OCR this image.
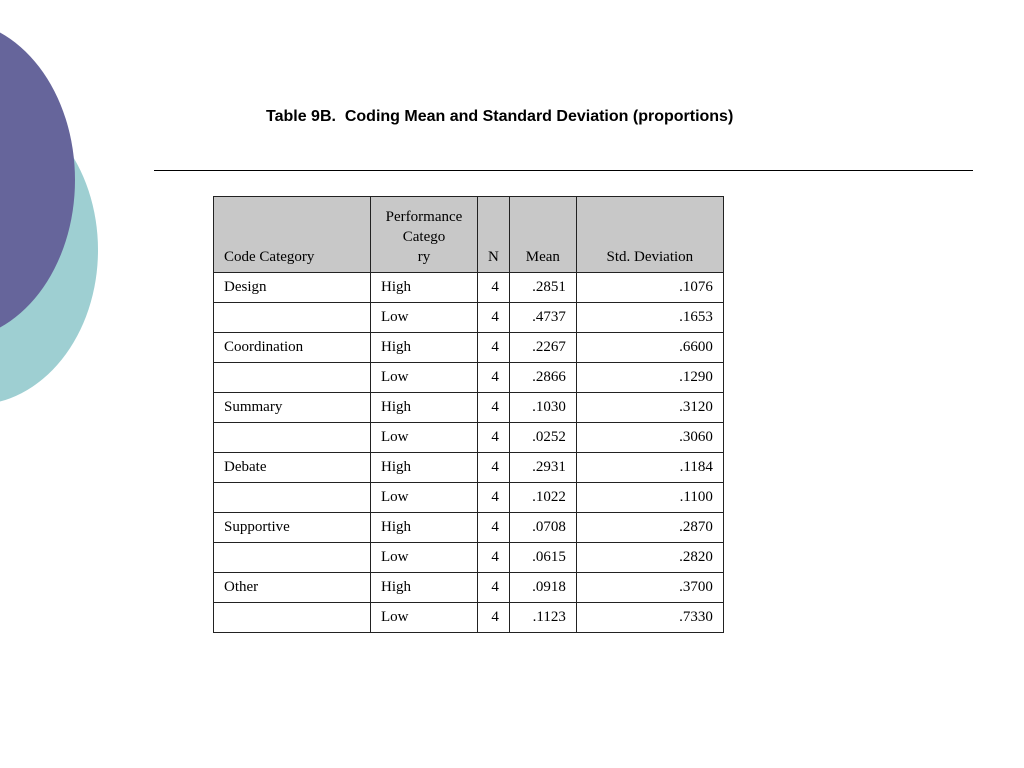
Table 9B.  Coding Mean and Standard Deviation (proportions)
Code Category	Performance
Catego
ry	N	Mean	Std. Deviation
Design	High	4	.2851	.1076
	Low	4	.4737	.1653
Coordination	High	4	.2267	.6600
	Low	4	.2866	.1290
Summary	High	4	.1030	.3120
	Low	4	.0252	.3060
Debate	High	4	.2931	.1184
	Low	4	.1022	.1100
Supportive	High	4	.0708	.2870
	Low	4	.0615	.2820
Other	High	4	.0918	.3700
	Low	4	.1123	.7330
